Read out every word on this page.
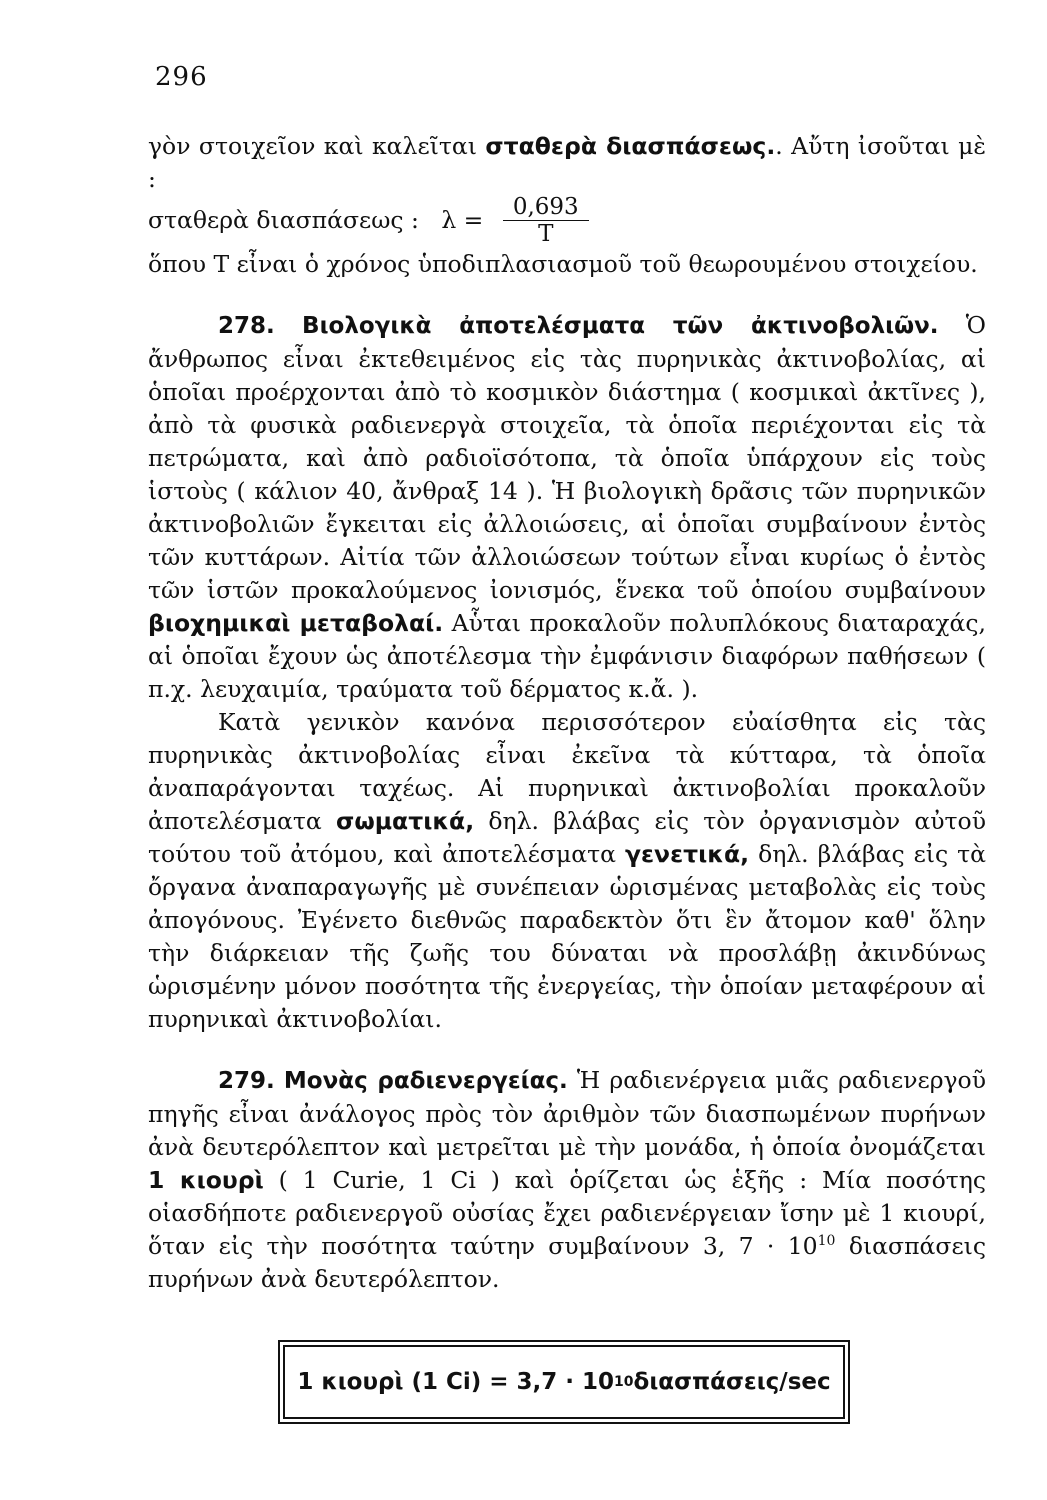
296

γὸν στοιχεῖον καὶ καλεῖται σταθερὰ διασπάσεως.. Αὔτη ἰσοῦται μὲ :

σταθερὰ διασπάσεως :   $\lambda = \frac{0,693}{T}$

ὅπου T εἶναι ὁ χρόνος ὑποδιπλασιασμοῦ τοῦ θεωρουμένου στοιχείου.

278. Βιολογικὰ ἀποτελέσματα τῶν ἀκτινοβολιῶν. Ὁ ἄνθρωπος εἶναι ἐκτεθειμένος εἰς τὰς πυρηνικὰς ἀκτινοβολίας, αἱ ὁποῖαι προέρχονται ἀπὸ τὸ κοσμικὸν διάστημα ( κοσμικαὶ ἀκτῖνες ), ἀπὸ τὰ φυσικὰ ραδιενεργὰ στοιχεῖα, τὰ ὁποῖα περιέχονται εἰς τὰ πετρώματα, καὶ ἀπὸ ραδιοϊσότοπα, τὰ ὁποῖα ὑπάρχουν εἰς τοὺς ἱστοὺς ( κάλιον 40, ἄνθραξ 14 ). Ἡ βιολογικὴ δρᾶσις τῶν πυρηνικῶν ἀκτινοβολιῶν ἔγκειται εἰς ἀλλοιώσεις, αἱ ὁποῖαι συμβαίνουν ἐντὸς τῶν κυττάρων. Αἰτία τῶν ἀλλοιώσεων τούτων εἶναι κυρίως ὁ ἐντὸς τῶν ἱστῶν προκαλούμενος ἰονισμός, ἕνεκα τοῦ ὁποίου συμβαίνουν βιοχημικαὶ μεταβολαί. Αὗται προκαλοῦν πολυπλόκους διαταραχάς, αἱ ὁποῖαι ἔχουν ὡς ἀποτέλεσμα τὴν ἐμφάνισιν διαφόρων παθήσεων ( π.χ. λευχαιμία, τραύματα τοῦ δέρματος κ.ἄ. ).

Κατὰ γενικὸν κανόνα περισσότερον εὐαίσθητα εἰς τὰς πυρηνικὰς ἀκτινοβολίας εἶναι ἐκεῖνα τὰ κύτταρα, τὰ ὁποῖα ἀναπαράγονται ταχέως. Αἱ πυρηνικαὶ ἀκτινοβολίαι προκαλοῦν ἀποτελέσματα σωματικά, δηλ. βλάβας εἰς τὸν ὀργανισμὸν αὐτοῦ τούτου τοῦ ἀτόμου, καὶ ἀποτελέσματα γενετικά, δηλ. βλάβας εἰς τὰ ὄργανα ἀναπαραγωγῆς μὲ συνέπειαν ὡρισμένας μεταβολὰς εἰς τοὺς ἀπογόνους. Ἐγένετο διεθνῶς παραδεκτὸν ὅτι ἓν ἄτομον καθ' ὅλην τὴν διάρκειαν τῆς ζωῆς του δύναται νὰ προσλάβῃ ἀκινδύνως ὡρισμένην μόνον ποσότητα τῆς ἐνεργείας, τὴν ὁποίαν μεταφέρουν αἱ πυρηνικαὶ ἀκτινοβολίαι.

279. Μονὰς ραδιενεργείας. Ἡ ραδιενέργεια μιᾶς ραδιενεργοῦ πηγῆς εἶναι ἀνάλογος πρὸς τὸν ἀριθμὸν τῶν διασπωμένων πυρήνων ἀνὰ δευτερόλεπτον καὶ μετρεῖται μὲ τὴν μονάδα, ἡ ὁποία ὀνομάζεται 1 κιουρὶ ( 1 Curie, 1 Ci ) καὶ ὁρίζεται ὡς ἑξῆς : Μία ποσότης οἱασδήποτε ραδιενεργοῦ οὐσίας ἔχει ραδιενέργειαν ἴσην μὲ 1 κιουρί, ὅταν εἰς τὴν ποσότητα ταύτην συμβαίνουν 3, $7 \cdot 10^{10}$ διασπάσεις πυρήνων ἀνὰ δευτερόλεπτον.

1 κιουρὶ (1 Ci) = 3,7 · 10 10 διασπάσεις/sec
